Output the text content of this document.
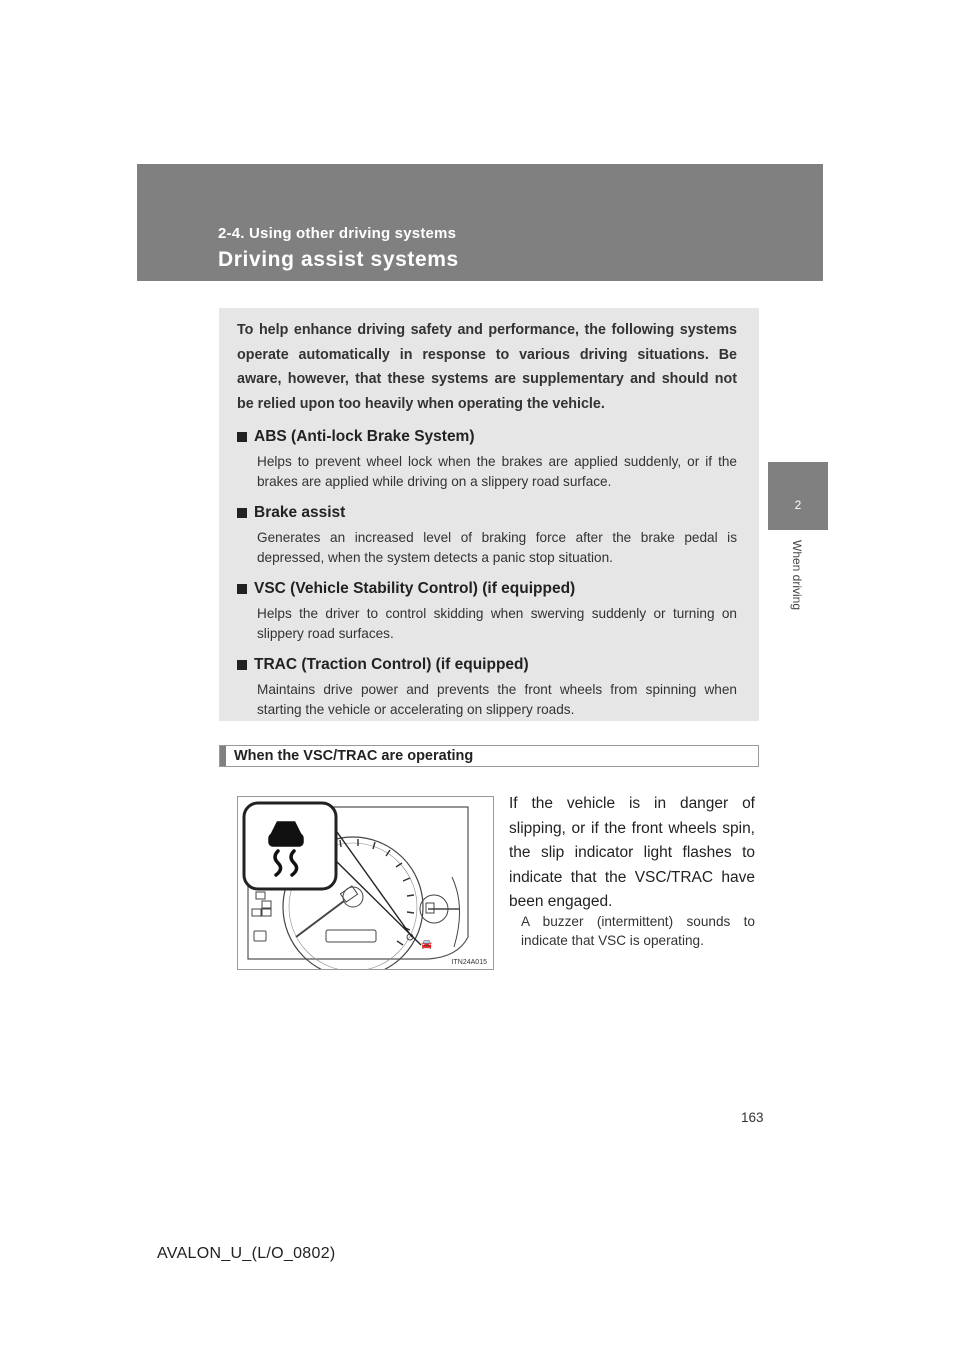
2-4. Using other driving systems
Driving assist systems
2
When driving

To help enhance driving safety and performance, the following systems operate automatically in response to various driving situations. Be aware, however, that these systems are supplementary and should not be relied upon too heavily when operating the vehicle.

ABS (Anti-lock Brake System)

Helps to prevent wheel lock when the brakes are applied suddenly, or if the brakes are applied while driving on a slippery road surface.

Brake assist

Generates an increased level of braking force after the brake pedal is depressed, when the system detects a panic stop situation.

VSC (Vehicle Stability Control) (if equipped)

Helps the driver to control skidding when swerving suddenly or turning on slippery road surfaces.

TRAC (Traction Control) (if equipped)

Maintains drive power and prevents the front wheels from spinning when starting the vehicle or accelerating on slippery roads.

When the VSC/TRAC are operating
🚘
ITN24A015

If the vehicle is in danger of slipping, or if the front wheels spin, the slip indicator light flashes to indicate that the VSC/TRAC have been engaged.

A buzzer (intermittent) sounds to indicate that VSC is operating.

163
AVALON_U_(L/O_0802)
